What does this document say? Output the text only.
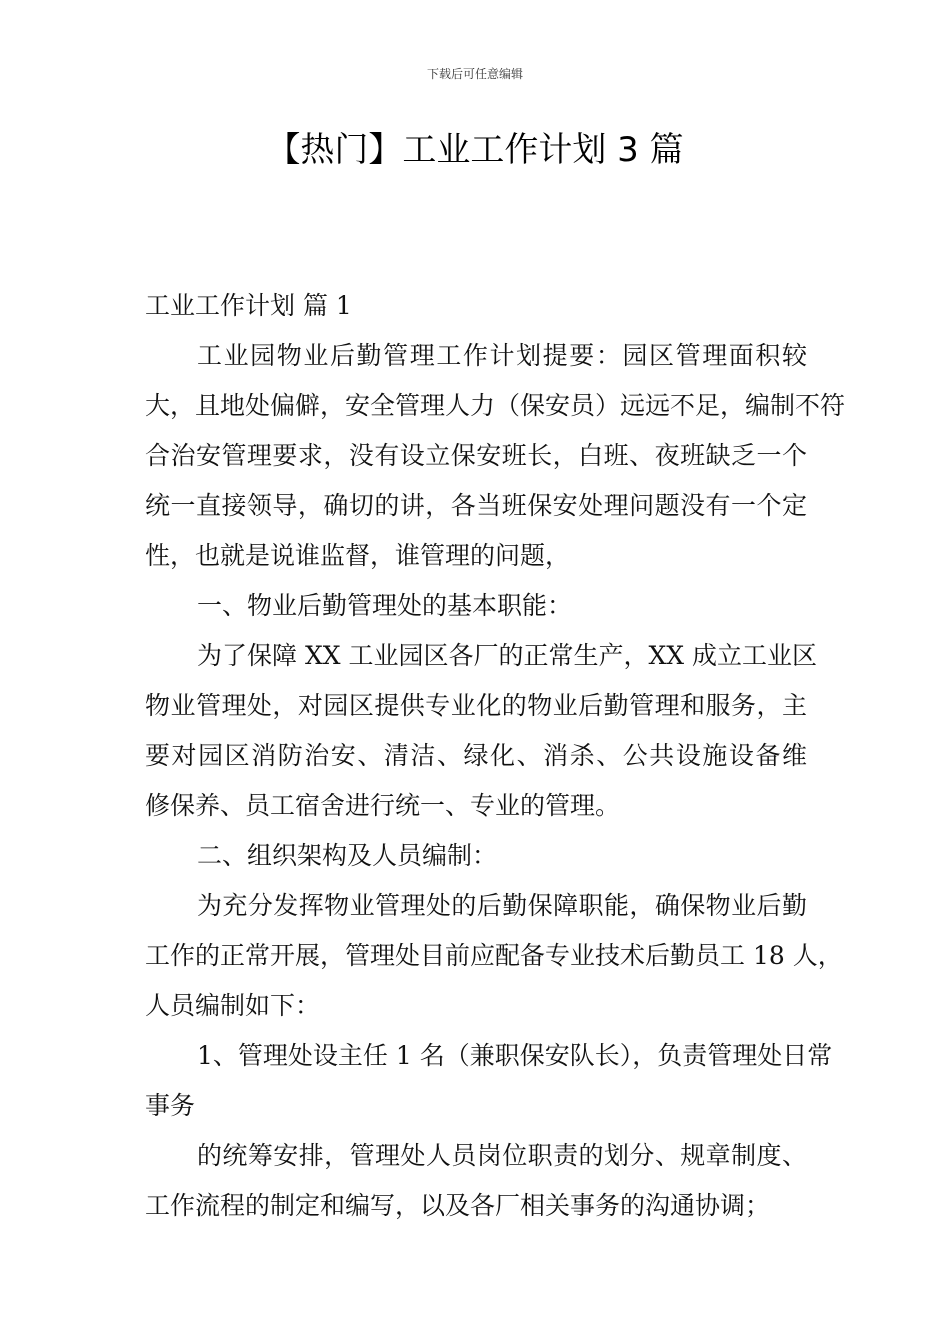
下载后可任意编辑
【热门】工业工作计划 3 篇
工业工作计划 篇 1
工业园物业后勤管理工作计划提要：园区管理面积较
大，且地处偏僻，安全管理人力（保安员）远远不足，编制不符
合治安管理要求，没有设立保安班长，白班、夜班缺乏一个
统一直接领导，确切的讲，各当班保安处理问题没有一个定
性，也就是说谁监督，谁管理的问题，
一、物业后勤管理处的基本职能：
为了保障 XX 工业园区各厂的正常生产，XX 成立工业区
物业管理处，对园区提供专业化的物业后勤管理和服务，主
要对园区消防治安、清洁、绿化、消杀、公共设施设备维
修保养、员工宿舍进行统一、专业的管理。
二、组织架构及人员编制：
为充分发挥物业管理处的后勤保障职能，确保物业后勤
工作的正常开展，管理处目前应配备专业技术后勤员工 18 人，
人员编制如下：
1、管理处设主任 1 名（兼职保安队长），负责管理处日常
事务
的统筹安排，管理处人员岗位职责的划分、规章制度、
工作流程的制定和编写，以及各厂相关事务的沟通协调；
